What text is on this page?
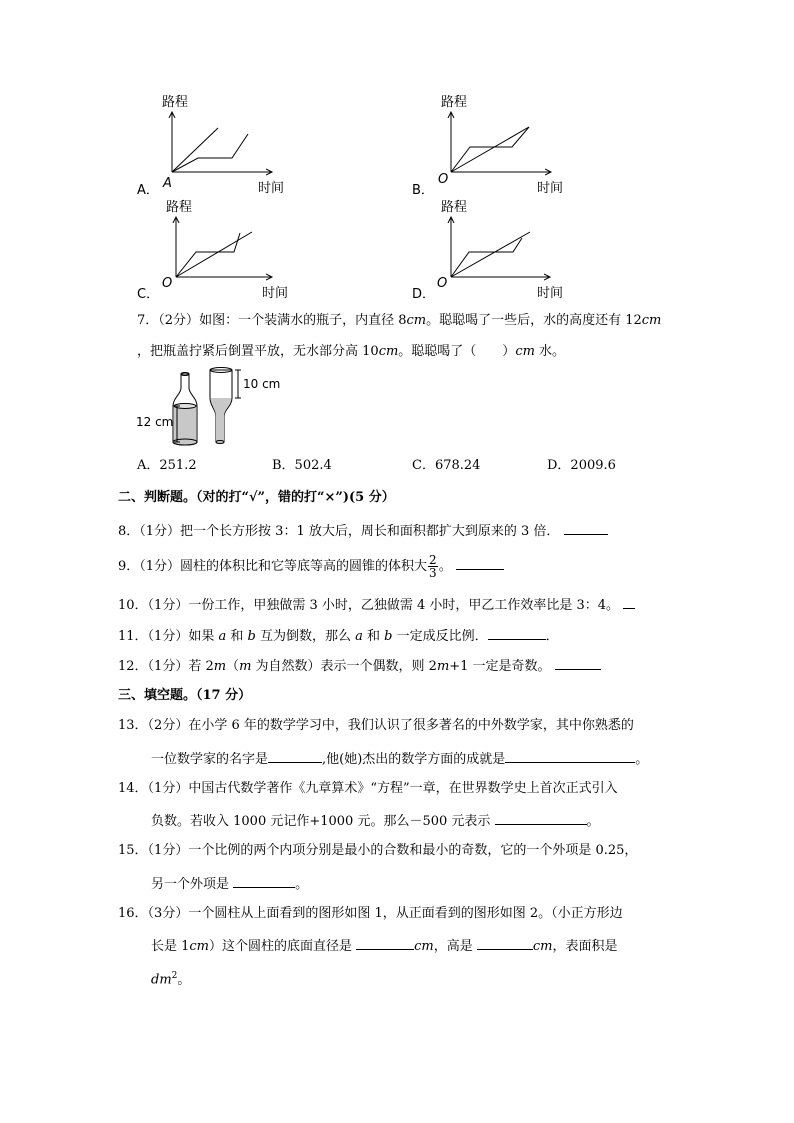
路程
时间
A
A．
路程
时间
O
B．
路程
时间
O
C．
路程
时间
O
D．
7．（2分）如图：一个装满水的瓶子，内直径 8cm。聪聪喝了一些后，水的高度还有 12cm
，把瓶盖拧紧后倒置平放，无水部分高 10cm。聪聪喝了（　　）cm 水。
10 cm
12 cm
A．251.2	B．502.4	C．678.24	D．2009.6
二、判断题。（对的打“√”，错的打“×”)(5 分）
8．（1分）把一个长方形按 3：1 放大后，周长和面积都扩大到原来的 3 倍．
9．（1分）圆柱的体积比和它等底等高的圆锥的体积大 $\frac{2}{3}$ 。
10．（1分）一份工作，甲独做需 3 小时，乙独做需 4 小时，甲乙工作效率比是 3：4。
11．（1分）如果 a 和 b 互为倒数，那么 a 和 b 一定成反比例．	．
12．（1分）若 2m（m 为自然数）表示一个偶数，则 2m+1 一定是奇数。
三、填空题。（17 分）
13．（2分）在小学 6 年的数学学习中，我们认识了很多著名的中外数学家，其中你熟悉的
一位数学家的名字是	,他(她)杰出的数学方面的成就是	。
14．（1分）中国古代数学著作《九章算术》“方程”一章，在世界数学史上首次正式引入
负数。若收入 1000 元记作+1000 元。那么－500 元表示	。
15．（1分）一个比例的两个内项分别是最小的合数和最小的奇数，它的一个外项是 0.25，
另一个外项是	。
16．（3分）一个圆柱从上面看到的图形如图 1，从正面看到的图形如图 2。（小正方形边
长是 1cm）这个圆柱的底面直径是	cm，高是	cm，表面积是
$dm^2$。
